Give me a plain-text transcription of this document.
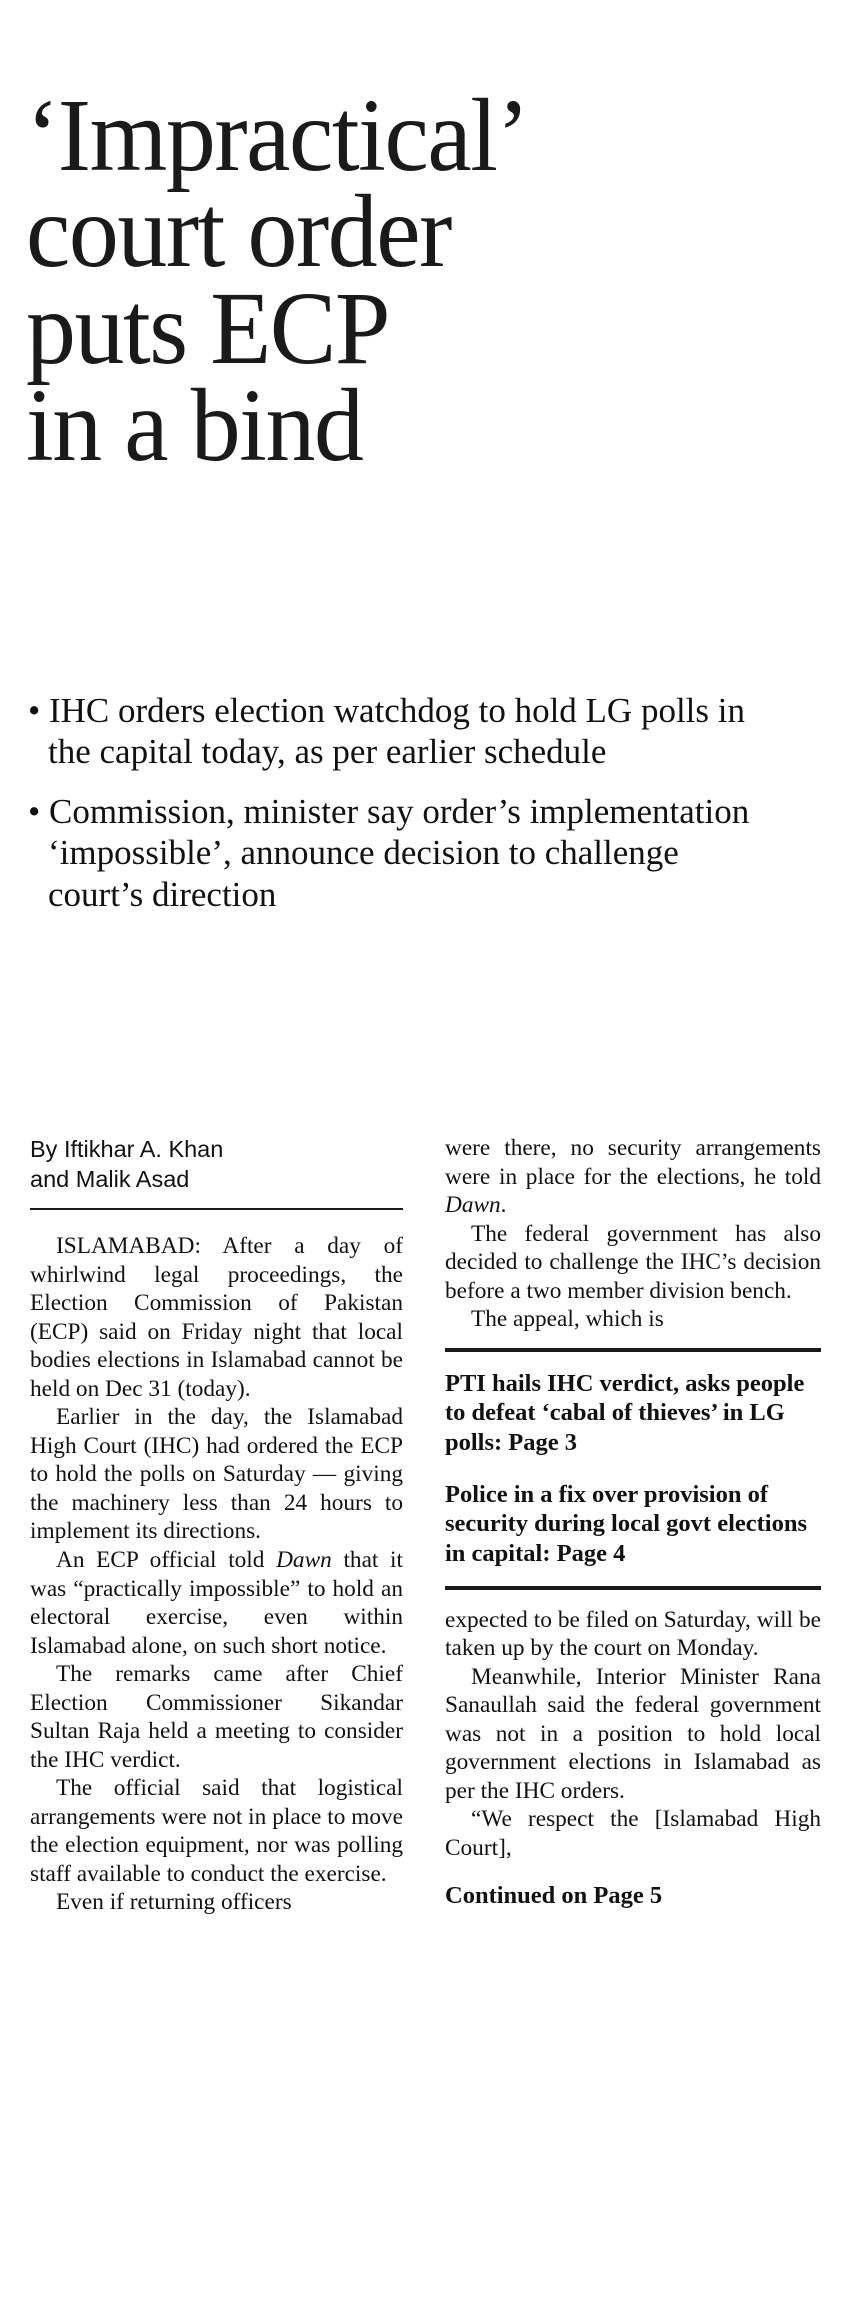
‘Impractical’
court order
puts ECP
in a bind
• IHC orders election watchdog to hold LG polls in the capital today, as per earlier schedule
• Commission, minister say order’s implementation ‘impossible’, announce decision to challenge court’s direction
By Iftikhar A. Khan
and Malik Asad

ISLAMABAD: After a day of whirlwind legal proceedings, the Election Commission of Pakistan (ECP) said on Friday night that local bodies elections in Islamabad cannot be held on Dec 31 (today).

Earlier in the day, the Islamabad High Court (IHC) had ordered the ECP to hold the polls on Saturday — giving the machinery less than 24 hours to implement its directions.

An ECP official told Dawn that it was “practically impossible” to hold an electoral exercise, even within Islamabad alone, on such short notice.

The remarks came after Chief Election Commissioner Sikandar Sultan Raja held a meeting to consider the IHC verdict.

The official said that logistical arrangements were not in place to move the election equipment, nor was polling staff available to conduct the exercise.

Even if returning officers

were there, no security arrangements were in place for the elections, he told Dawn.

The federal government has also decided to challenge the IHC’s decision before a two member division bench.

The appeal, which is

PTI hails IHC verdict, asks people to defeat ‘cabal of thieves’ in LG polls: Page 3
Police in a fix over provision of security during local govt elections in capital: Page 4

expected to be filed on Saturday, will be taken up by the court on Monday.

Meanwhile, Interior Minister Rana Sanaullah said the federal government was not in a position to hold local government elections in Islamabad as per the IHC orders.

“We respect the [Islamabad High Court],

Continued on Page 5
